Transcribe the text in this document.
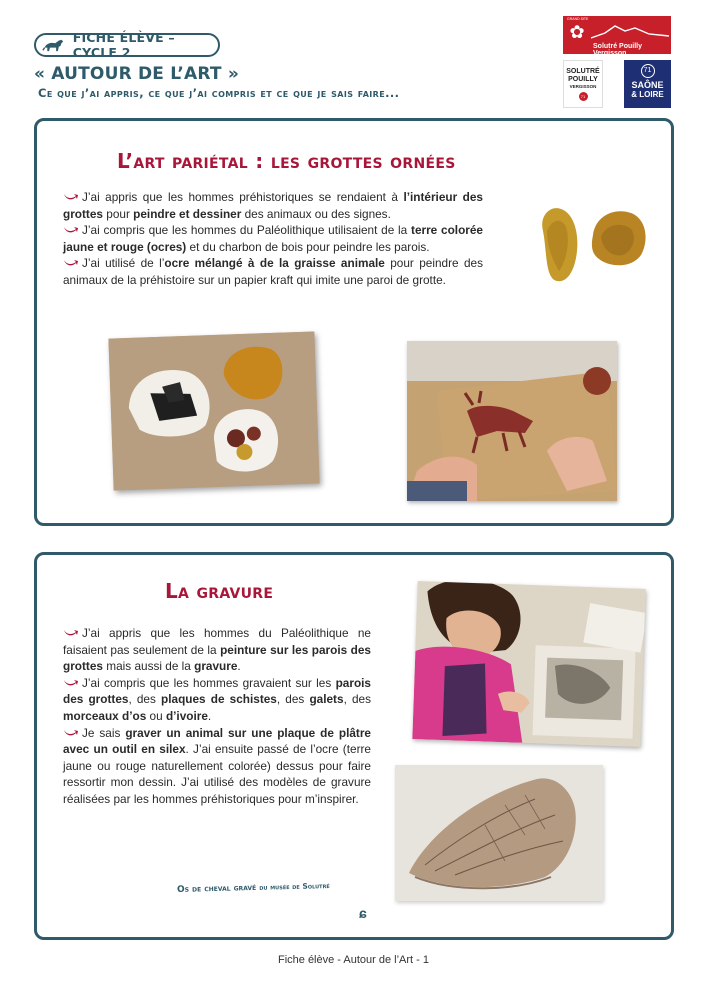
FICHE ÉLÈVE – CYCLE 2
« AUTOUR DE L’ART »
Ce que j’ai appris, ce que j’ai compris et ce que je sais faire...
GRAND SITE
✿
Solutré Pouilly Vergisson
SOLUTRÉ
POUILLY
VERGISSON
71
71
SAÔNE
& LOIRE
L’art pariétal : les grottes ornées
J’ai appris que les hommes préhistoriques se rendaient à l’intérieur des grottes pour peindre et dessiner des animaux ou des signes.
J’ai compris que les hommes du Paléolithique utilisaient de la terre colorée jaune et rouge (ocres) et du charbon de bois pour peindre les parois.
J’ai utilisé de l’ocre mélangé à de la graisse animale pour peindre des animaux de la préhistoire sur un papier kraft qui imite une paroi de grotte.
La gravure
J’ai appris que les hommes du Paléolithique ne faisaient pas seulement de la peinture sur les parois des grottes mais aussi de la gravure.
J’ai compris que les hommes gravaient sur les parois des grottes, des plaques de schistes, des galets, des morceaux d’os ou d’ivoire.
Je sais graver un animal sur une plaque de plâtre avec un outil en silex. J’ai ensuite passé de l’ocre (terre jaune ou rouge naturellement colorée) dessus pour faire ressortir mon dessin. J’ai utilisé des modèles de gravure réalisées par les hommes préhistoriques pour m’inspirer.
Os de cheval gravé du musée de Solutré
ɕ
Fiche élève - Autour de l’Art - 1
